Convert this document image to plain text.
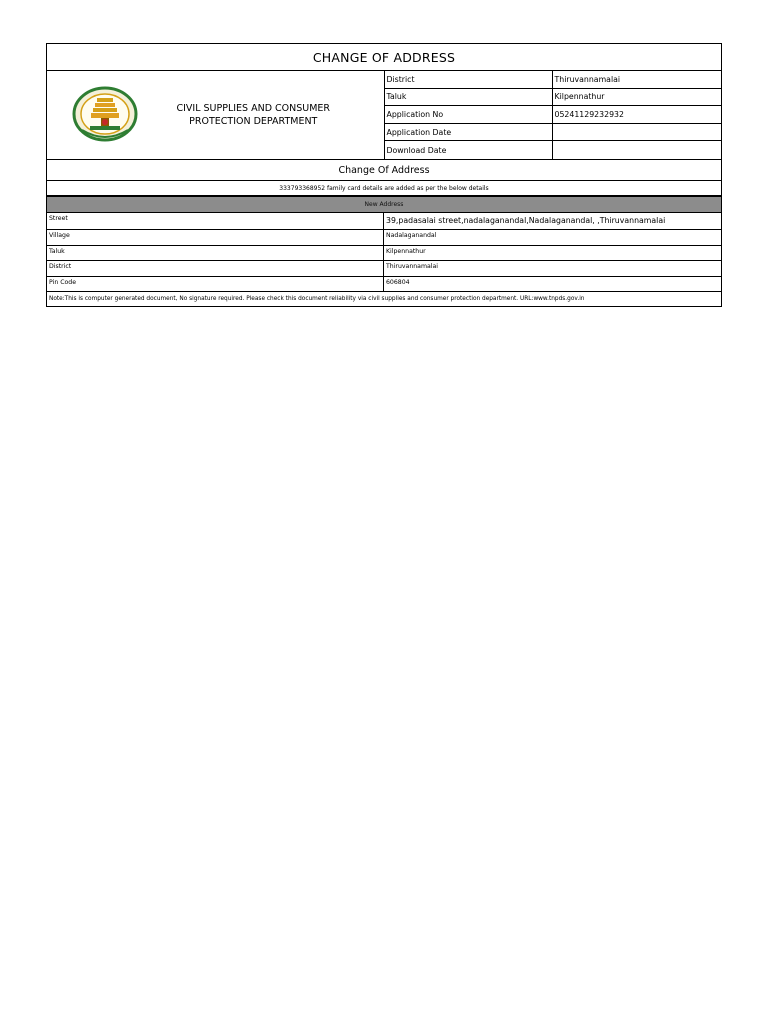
CHANGE OF ADDRESS
CIVIL SUPPLIES AND CONSUMER
PROTECTION DEPARTMENT
District	Thiruvannamalai
Taluk	Kilpennathur
Application No	05241129232932
Application Date
Download Date
Change Of Address
333793368952 family card details are added as per the below details
New Address
Street	39,padasalai street,nadalaganandal,Nadalaganandal, ,Thiruvannamalai
Village	Nadalaganandal
Taluk	Kilpennathur
District	Thiruvannamalai
Pin Code	606804
Note:This is computer generated document, No signature required. Please check this document reliability via civil supplies and consumer protection department. URL:www.tnpds.gov.in
